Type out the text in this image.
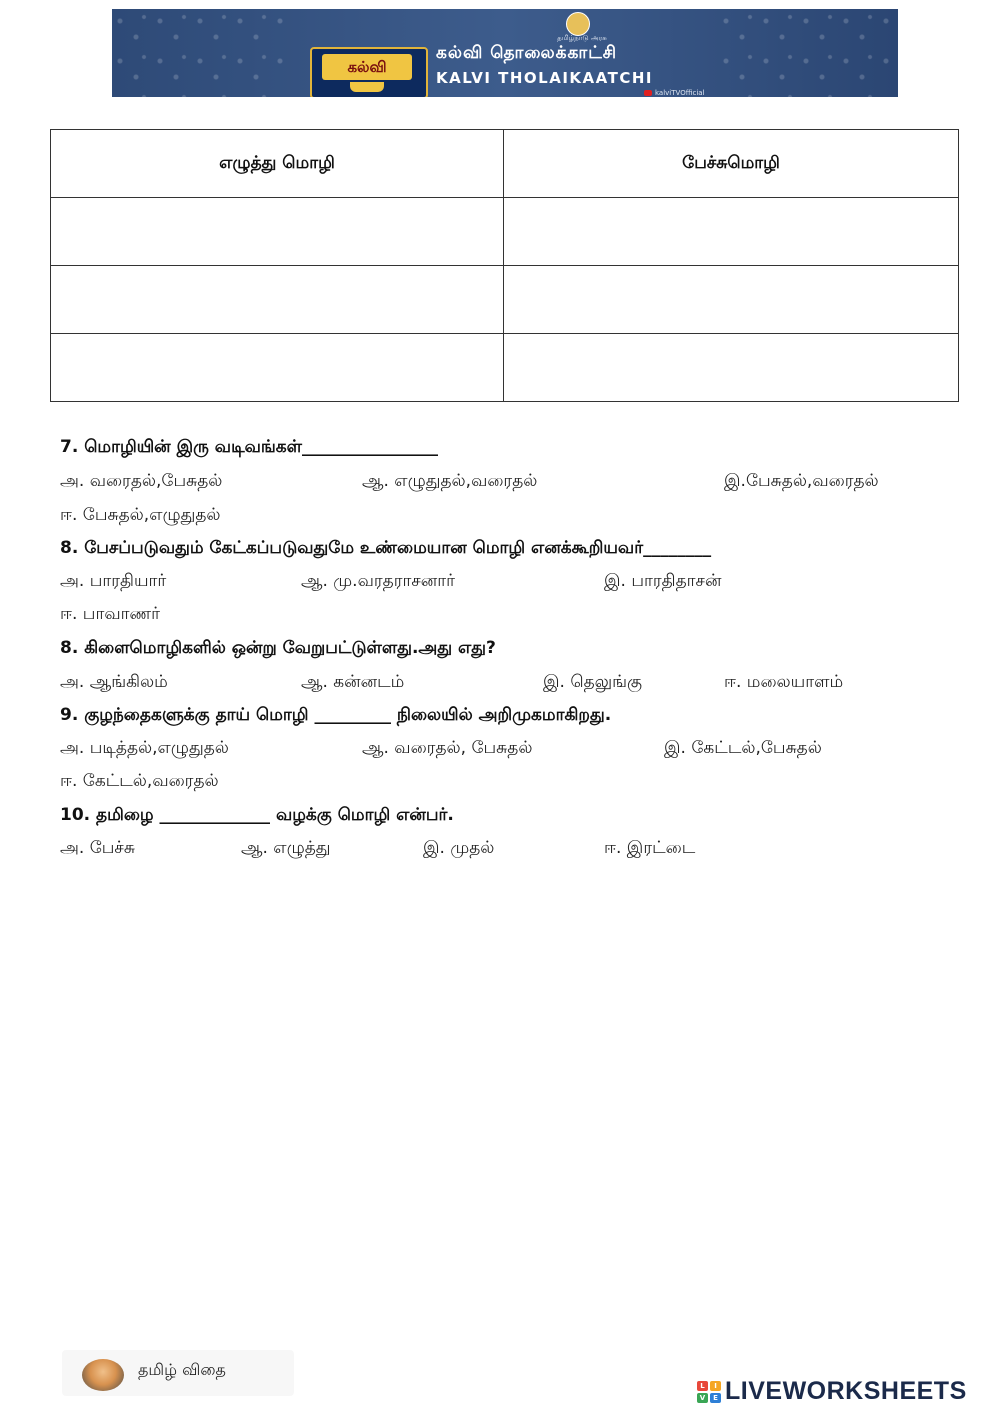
தமிழ்நாடு அரசு
கல்வி
கல்வி தொலைக்காட்சி
KALVI THOLAIKAATCHI
kalviTVOfficial
எழுத்து மொழி	பேச்சுமொழி

7. மொழியின் இரு வடிவங்கள்________________
அ. வரைதல்,பேசுதல்	ஆ. எழுதுதல்,வரைதல்	இ.பேசுதல்,வரைதல்
ஈ. பேசுதல்,எழுதுதல்
8. பேசப்படுவதும் கேட்கப்படுவதுமே உண்மையான மொழி எனக்கூறியவர்________
அ. பாரதியார்	ஆ. மு.வரதராசனார்	இ. பாரதிதாசன்
ஈ. பாவாணர்
8. கிளைமொழிகளில் ஒன்று வேறுபட்டுள்ளது.அது எது?
அ. ஆங்கிலம்	ஆ. கன்னடம்	இ. தெலுங்கு	ஈ. மலையாளம்
9. குழந்தைகளுக்கு தாய் மொழி _________ நிலையில் அறிமுகமாகிறது.
அ. படித்தல்,எழுதுதல்	ஆ. வரைதல், பேசுதல்	இ. கேட்டல்,பேசுதல்
ஈ. கேட்டல்,வரைதல்
10. தமிழை _____________ வழக்கு மொழி என்பர்.
அ. பேச்சு	ஆ. எழுத்து	இ. முதல்	ஈ. இரட்டை
தமிழ் விதை
L	I
V	E LIVEWORKSHEETS
